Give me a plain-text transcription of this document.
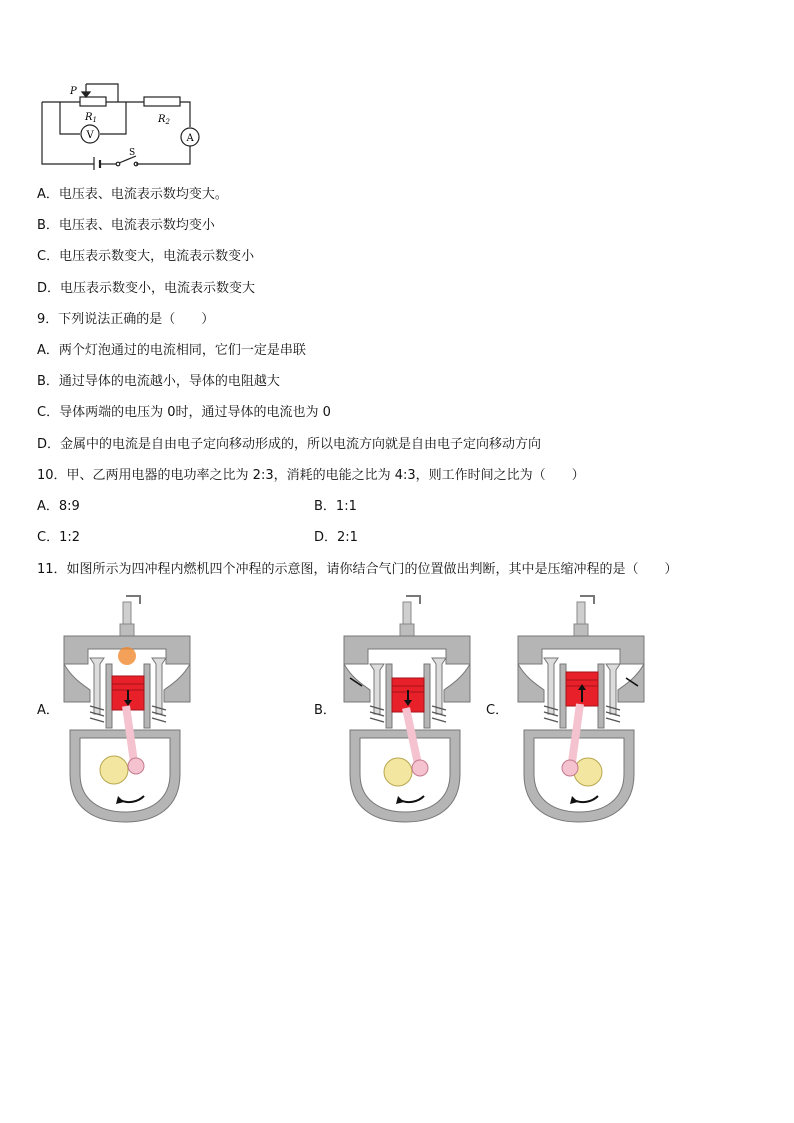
P
$R_1$	$R_2$
V	A
S
A．电压表、电流表示数均变大。
B．电压表、电流表示数均变小
C．电压表示数变大，电流表示数变小
D．电压表示数变小，电流表示数变大
9．下列说法正确的是（　　）
A．两个灯泡通过的电流相同，它们一定是串联
B．通过导体的电流越小，导体的电阻越大
C．导体两端的电压为 0时，通过导体的电流也为 0
D．金属中的电流是自由电子定向移动形成的，所以电流方向就是自由电子定向移动方向
10．甲、乙两用电器的电功率之比为 2:3，消耗的电能之比为 4:3，则工作时间之比为（　　）
A．8:9	B．1:1
C．1:2	D．2:1
11．如图所示为四冲程内燃机四个冲程的示意图，请你结合气门的位置做出判断，其中是压缩冲程的是（　　）
A．	B．	C．
